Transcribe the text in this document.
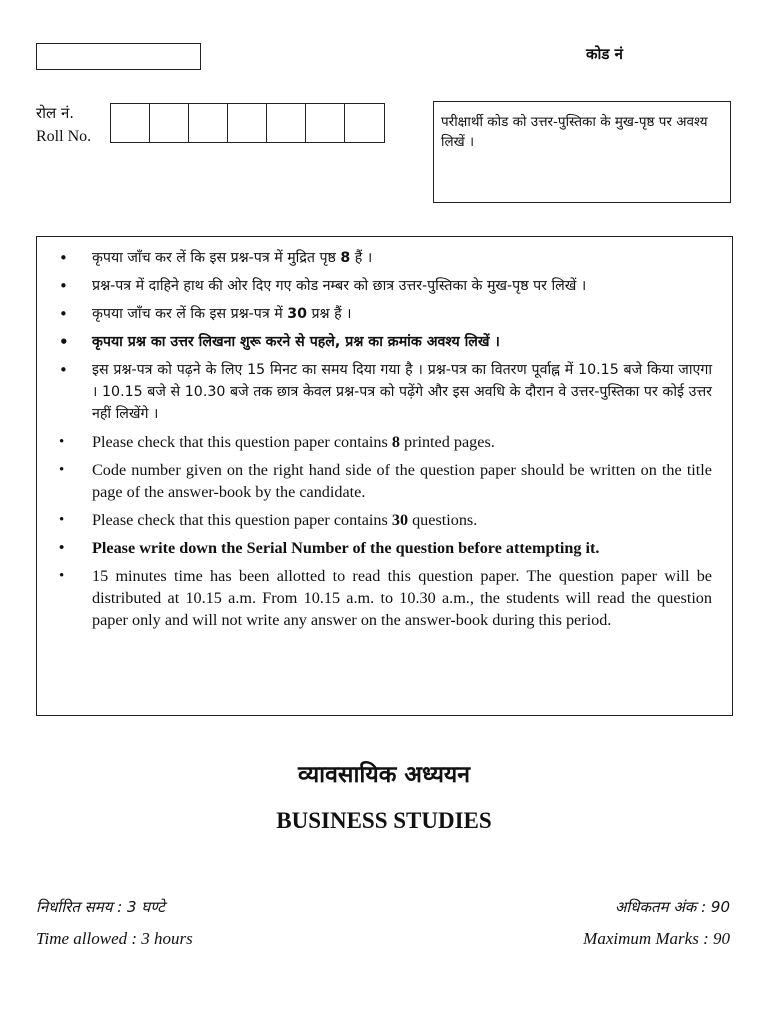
कोड नं
रोल नं.
Roll No.
परीक्षार्थी कोड को उत्तर-पुस्तिका के मुख-पृष्ठ पर अवश्य लिखें ।
• कृपया जाँच कर लें कि इस प्रश्न-पत्र में मुद्रित पृष्ठ 8 हैं ।
• प्रश्न-पत्र में दाहिने हाथ की ओर दिए गए कोड नम्बर को छात्र उत्तर-पुस्तिका के मुख-पृष्ठ पर लिखें ।
• कृपया जाँच कर लें कि इस प्रश्न-पत्र में 30 प्रश्न हैं ।
• कृपया प्रश्न का उत्तर लिखना शुरू करने से पहले, प्रश्न का क्रमांक अवश्य लिखें ।
• इस प्रश्न-पत्र को पढ़ने के लिए 15 मिनट का समय दिया गया है । प्रश्न-पत्र का वितरण पूर्वाह्न में 10.15 बजे किया जाएगा । 10.15 बजे से 10.30 बजे तक छात्र केवल प्रश्न-पत्र को पढ़ेंगे और इस अवधि के दौरान वे उत्तर-पुस्तिका पर कोई उत्तर नहीं लिखेंगे ।
• Please check that this question paper contains 8 printed pages.
• Code number given on the right hand side of the question paper should be written on the title page of the answer-book by the candidate.
• Please check that this question paper contains 30 questions.
• Please write down the Serial Number of the question before attempting it.
• 15 minutes time has been allotted to read this question paper. The question paper will be distributed at 10.15 a.m. From 10.15 a.m. to 10.30 a.m., the students will read the question paper only and will not write any answer on the answer-book during this period.
व्यावसायिक अध्ययन
BUSINESS STUDIES
निर्धारित समय : 3 घण्टे	अधिकतम अंक : 90
Time allowed : 3 hours	Maximum Marks : 90
